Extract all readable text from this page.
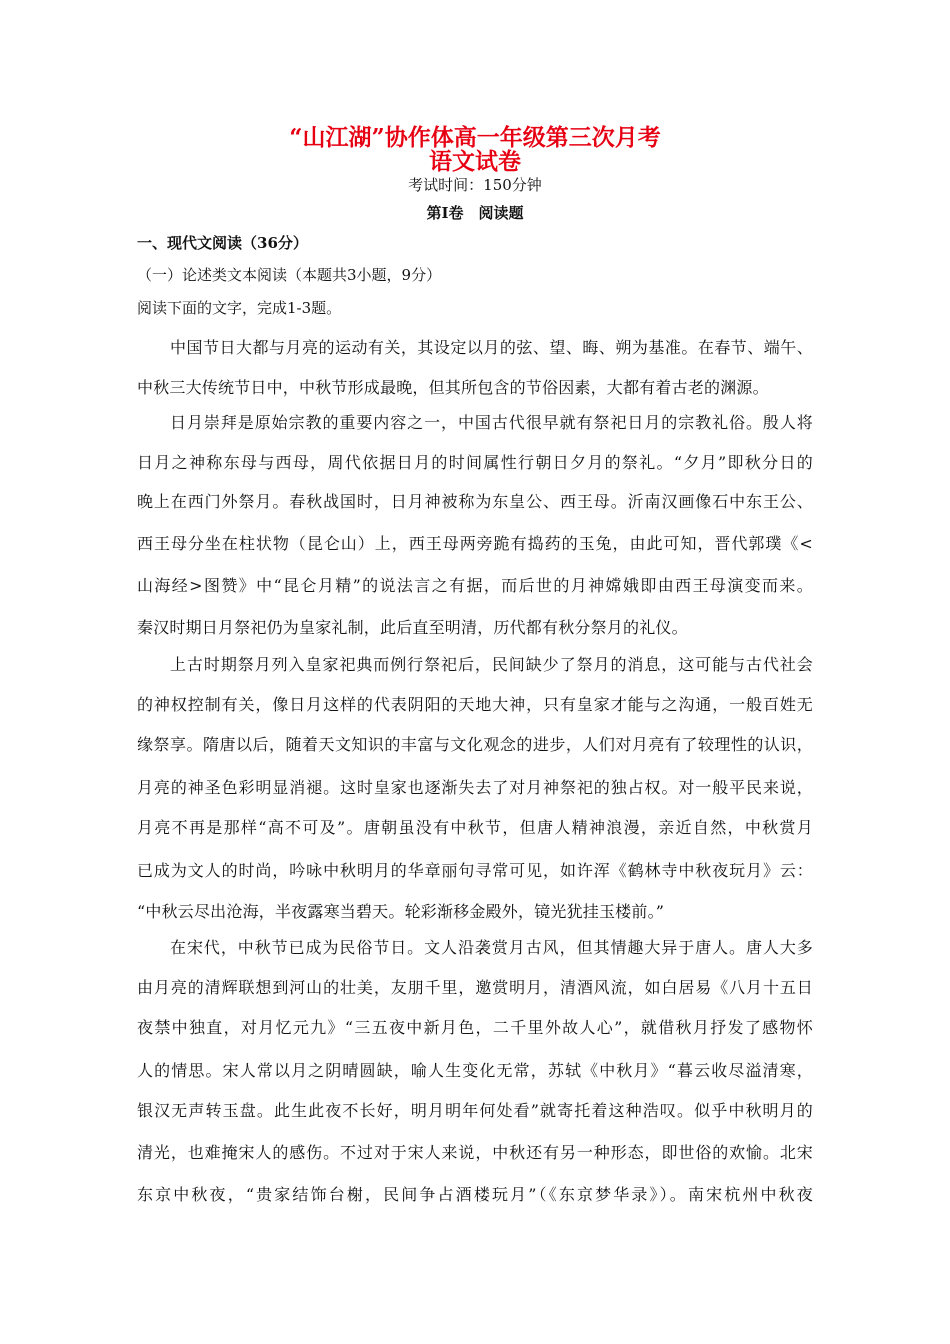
“山江湖”协作体高一年级第三次月考
语文试卷
考试时间：150分钟
第Ⅰ卷　阅读题
一、现代文阅读（36分）
（一）论述类文本阅读（本题共3小题，9分）
阅读下面的文字，完成1-3题。
中国节日大都与月亮的运动有关，其设定以月的弦、望、晦、朔为基准。在春节、端午、
中秋三大传统节日中，中秋节形成最晚，但其所包含的节俗因素，大都有着古老的渊源。
日月崇拜是原始宗教的重要内容之一，中国古代很早就有祭祀日月的宗教礼俗。殷人将
日月之神称东母与西母，周代依据日月的时间属性行朝日夕月的祭礼。“夕月”即秋分日的
晚上在西门外祭月。春秋战国时，日月神被称为东皇公、西王母。沂南汉画像石中东王公、
西王母分坐在柱状物（昆仑山）上，西王母两旁跪有捣药的玉兔，由此可知，晋代郭璞《<
山海经>图赞》中“昆仑月精”的说法言之有据，而后世的月神嫦娥即由西王母演变而来。
秦汉时期日月祭祀仍为皇家礼制，此后直至明清，历代都有秋分祭月的礼仪。
上古时期祭月列入皇家祀典而例行祭祀后，民间缺少了祭月的消息，这可能与古代社会
的神权控制有关，像日月这样的代表阴阳的天地大神，只有皇家才能与之沟通，一般百姓无
缘祭享。隋唐以后，随着天文知识的丰富与文化观念的进步，人们对月亮有了较理性的认识，
月亮的神圣色彩明显消褪。这时皇家也逐渐失去了对月神祭祀的独占权。对一般平民来说，
月亮不再是那样“高不可及”。唐朝虽没有中秋节，但唐人精神浪漫，亲近自然，中秋赏月
已成为文人的时尚，吟咏中秋明月的华章丽句寻常可见，如许浑《鹤林寺中秋夜玩月》云：
“中秋云尽出沧海，半夜露寒当碧天。轮彩渐移金殿外，镜光犹挂玉楼前。”
在宋代，中秋节已成为民俗节日。文人沿袭赏月古风，但其情趣大异于唐人。唐人大多
由月亮的清辉联想到河山的壮美，友朋千里，邀赏明月，清酒风流，如白居易《八月十五日
夜禁中独直，对月忆元九》“三五夜中新月色，二千里外故人心”，就借秋月抒发了感物怀
人的情思。宋人常以月之阴晴圆缺，喻人生变化无常，苏轼《中秋月》“暮云收尽溢清寒，
银汉无声转玉盘。此生此夜不长好，明月明年何处看”就寄托着这种浩叹。似乎中秋明月的
清光，也难掩宋人的感伤。不过对于宋人来说，中秋还有另一种形态，即世俗的欢愉。北宋
东京中秋夜，“贵家结饰台榭，民间争占酒楼玩月”（《东京梦华录》）。南宋杭州中秋夜
